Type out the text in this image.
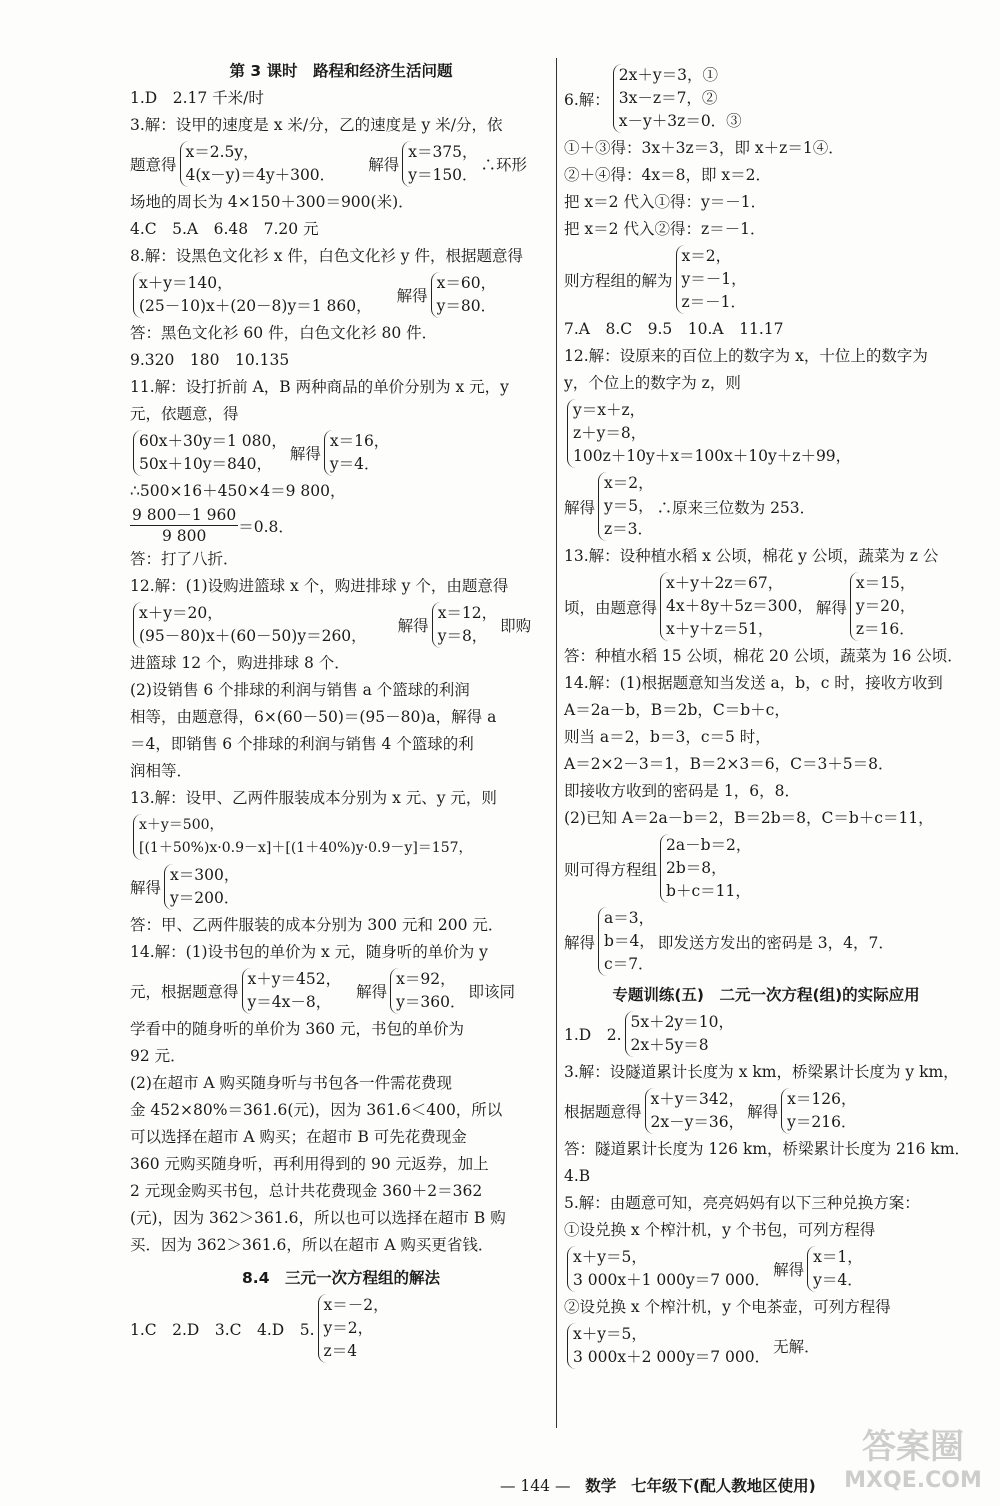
第 3 课时　路程和经济生活问题
1.D　2.17 千米/时
3.解：设甲的速度是 x 米/分，乙的速度是 y 米/分，依
题意得
x＝2.5y，
4(x－y)＝4y＋300．
解得
x＝375，
y＝150．
∴环形
场地的周长为 4×150＋300＝900(米)．
4.C　5.A　6.48　7.20 元
8.解：设黑色文化衫 x 件，白色文化衫 y 件，根据题意得
x＋y＝140，
(25－10)x＋(20－8)y＝1 860，
解得
x＝60，
y＝80．
答：黑色文化衫 60 件，白色文化衫 80 件．
9.320　180　10.135
11.解：设打折前 A，B 两种商品的单价分别为 x 元，y
元，依题意，得
60x＋30y＝1 080，
50x＋10y＝840，
解得
x＝16，
y＝4．
∴500×16＋450×4＝9 800，
$\frac{9 800-1 960}{9 800} =0.8$．
答：打了八折．
12.解：(1)设购进篮球 x 个，购进排球 y 个，由题意得
x＋y＝20，
(95－80)x＋(60－50)y＝260，
解得
x＝12，
y＝8，
即购
进篮球 12 个，购进排球 8 个．
(2)设销售 6 个排球的利润与销售 a 个篮球的利润
相等，由题意得，6×(60－50)＝(95－80)a，解得 a
＝4，即销售 6 个排球的利润与销售 4 个篮球的利
润相等．
13.解：设甲、乙两件服装成本分别为 x 元、y 元，则
x＋y＝500，
[(1＋50%)x·0.9－x]＋[(1＋40%)y·0.9－y]＝157，
解得
x＝300，
y＝200．
答：甲、乙两件服装的成本分别为 300 元和 200 元．
14.解：(1)设书包的单价为 x 元，随身听的单价为 y
元，根据题意得
x＋y＝452，
y＝4x－8，
解得
x＝92，
y＝360．
即该同
学看中的随身听的单价为 360 元，书包的单价为
92 元．
(2)在超市 A 购买随身听与书包各一件需花费现
金 452×80%＝361.6(元)，因为 361.6＜400，所以
可以选择在超市 A 购买；在超市 B 可先花费现金
360 元购买随身听，再利用得到的 90 元返券，加上
2 元现金购买书包，总计共花费现金 360＋2＝362
(元)，因为 362＞361.6，所以也可以选择在超市 B 购
买．因为 362＞361.6，所以在超市 A 购买更省钱．
8.4　三元一次方程组的解法
1.C　2.D　3.C　4.D　5.
x＝－2，
y＝2，
z＝4
6.解：
2x＋y＝3，①
3x－z＝7，②
x－y＋3z＝0．③
①＋③得：3x＋3z＝3，即 x＋z＝1④．
②＋④得：4x＝8，即 x＝2．
把 x＝2 代入①得：y＝－1．
把 x＝2 代入②得：z＝－1．
则方程组的解为
x＝2，
y＝－1，
z＝－1．
7.A　8.C　9.5　10.A　11.17
12.解：设原来的百位上的数字为 x，十位上的数字为
y，个位上的数字为 z，则
y＝x＋z，
z＋y＝8，
100z＋10y＋x＝100x＋10y＋z＋99，
解得
x＝2，
y＝5，
z＝3．
∴原来三位数为 253．
13.解：设种植水稻 x 公顷，棉花 y 公顷，蔬菜为 z 公
顷，由题意得
x＋y＋2z＝67，
4x＋8y＋5z＝300，
x＋y＋z＝51，
解得
x＝15，
y＝20，
z＝16．
答：种植水稻 15 公顷，棉花 20 公顷，蔬菜为 16 公顷．
14.解：(1)根据题意知当发送 a，b，c 时，接收方收到
A＝2a－b，B＝2b，C＝b＋c，
则当 a＝2，b＝3，c＝5 时，
A＝2×2－3＝1，B＝2×3＝6，C＝3＋5＝8．
即接收方收到的密码是 1，6，8．
(2)已知 A＝2a－b＝2，B＝2b＝8，C＝b＋c＝11，
则可得方程组
2a－b＝2，
2b＝8，
b＋c＝11，
解得
a＝3，
b＝4，
c＝7．
即发送方发出的密码是 3，4，7．
专题训练(五)　二元一次方程(组)的实际应用
1.D　2.
5x＋2y＝10，
2x＋5y＝8
3.解：设隧道累计长度为 x km，桥梁累计长度为 y km，
根据题意得
x＋y＝342，
2x－y＝36，
解得
x＝126，
y＝216．
答：隧道累计长度为 126 km，桥梁累计长度为 216 km．
4.B
5.解：由题意可知，亮亮妈妈有以下三种兑换方案：
①设兑换 x 个榨汁机，y 个书包，可列方程得
x＋y＝5，
3 000x＋1 000y＝7 000．
解得
x＝1，
y＝4．
②设兑换 x 个榨汁机，y 个电茶壶，可列方程得
x＋y＝5，
3 000x＋2 000y＝7 000．
无解．
— 144 — 数学 七年级下(配人教地区使用)
答案圈
MXQE.COM
